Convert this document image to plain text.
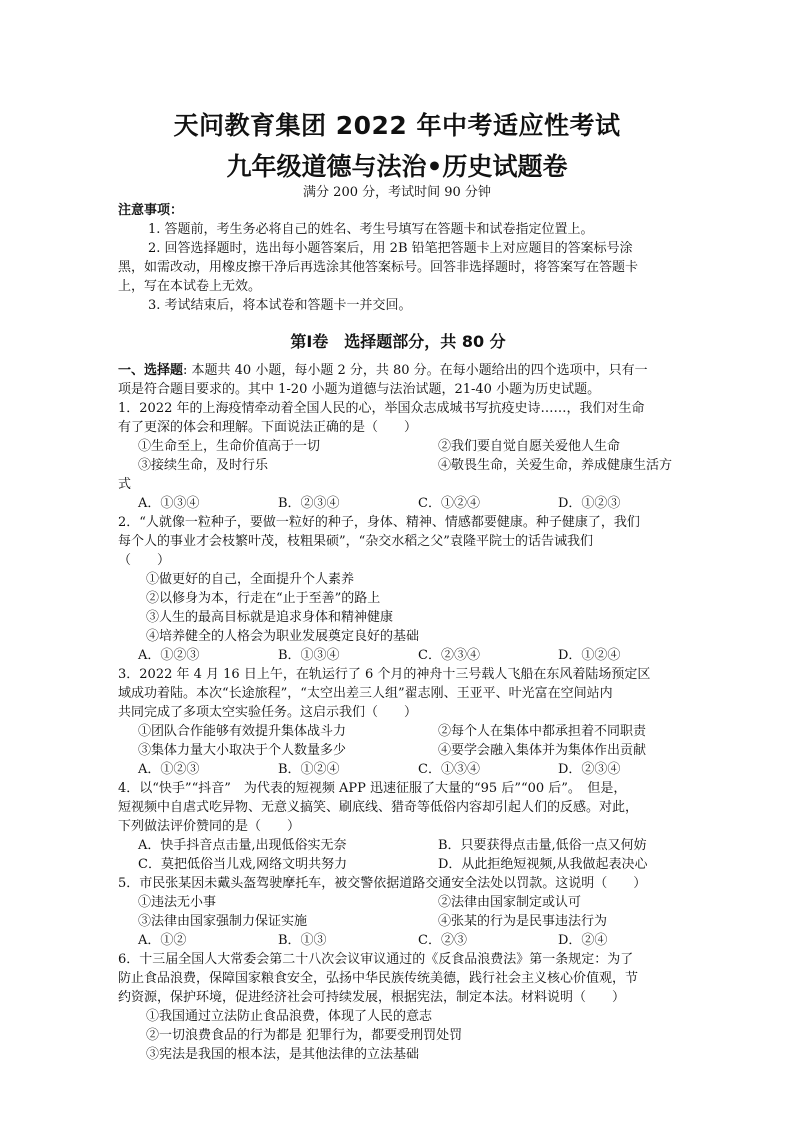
天问教育集团 2022 年中考适应性考试
九年级道德与法治•历史试题卷
满分 200 分，考试时间 90 分钟
注意事项：
1. 答题前，考生务必将自己的姓名、考生号填写在答题卡和试卷指定位置上。
2. 回答选择题时，选出每小题答案后，用 2B 铅笔把答题卡上对应题目的答案标号涂
黑，如需改动，用橡皮擦干净后再选涂其他答案标号。回答非选择题时，将答案写在答题卡
上，写在本试卷上无效。
3. 考试结束后，将本试卷和答题卡一并交回。
第Ⅰ卷　选择题部分，共 80 分
一、选择题: 本题共 40 小题，每小题 2 分，共 80 分。在每小题给出的四个选项中，只有一
项是符合题目要求的。其中 1-20 小题为道德与法治试题，21-40 小题为历史试题。
1．2022 年的上海疫情牵动着全国人民的心，举国众志成城书写抗疫史诗……，我们对生命
有了更深的体会和理解。下面说法正确的是（　　）
①生命至上，生命价值高于一切	②我们要自觉自愿关爱他人生命
③接续生命，及时行乐	④敬畏生命，关爱生命，养成健康生活方
式
A．①③④	B．②③④	C．①②④	D．①②③
2．“人就像一粒种子，要做一粒好的种子，身体、精神、情感都要健康。种子健康了，我们
每个人的事业才会枝繁叶茂，枝粗果硕”，“杂交水稻之父”袁隆平院士的话告诫我们
（　　）
①做更好的自己，全面提升个人素养
②以修身为本，行走在“止于至善”的路上
③人生的最高目标就是追求身体和精神健康
④培养健全的人格会为职业发展奠定良好的基础
A．①②③	B．①③④	C．②③④	D．①②④
3．2022 年 4 月 16 日上午，在轨运行了 6 个月的神舟十三号载人飞船在东风着陆场预定区
域成功着陆。本次“长途旅程”，“太空出差三人组”翟志刚、王亚平、叶光富在空间站内
共同完成了多项太空实验任务。这启示我们（　　）
①团队合作能够有效提升集体战斗力	②每个人在集体中都承担着不同职责
③集体力量大小取决于个人数量多少	④要学会融入集体并为集体作出贡献
A．①②③	B．①②④	C．①③④	D．②③④
4．以“快手”“抖音”　为代表的短视频 APP 迅速征服了大量的“95 后”“00 后”。　但是，
短视频中自虐式吃异物、无意义搞笑、刷底线、猎奇等低俗内容却引起人们的反感。对此，
下列做法评价赞同的是（　　）
A．快手抖音点击量,出现低俗实无奈	B．只要获得点击量,低俗一点又何妨
C．莫把低俗当儿戏,网络文明共努力	D．从此拒绝短视频,从我做起表决心
5．市民张某因未戴头盔驾驶摩托车，被交警依据道路交通安全法处以罚款。这说明（　　）
①违法无小事	②法律由国家制定或认可
③法律由国家强制力保证实施	④张某的行为是民事违法行为
A．①②	B．①③	C．②③	D．②④
6．十三届全国人大常委会第二十八次会议审议通过的《反食品浪费法》第一条规定：为了
防止食品浪费，保障国家粮食安全，弘扬中华民族传统美德，践行社会主义核心价值观，节
约资源，保护环境，促进经济社会可持续发展，根据宪法，制定本法。材料说明（　　）
①我国通过立法防止食品浪费，体现了人民的意志
②一切浪费食品的行为都是 犯罪行为，都要受刑罚处罚
③宪法是我国的根本法，是其他法律的立法基础
